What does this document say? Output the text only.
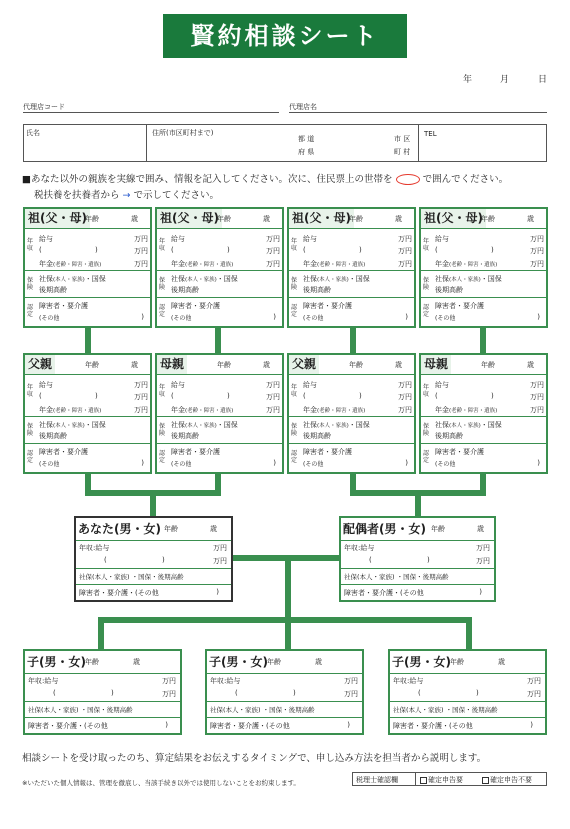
賢約相談シート
年	月	日
代理店コード	代理店名
氏名	住所(市区町村まで)
都 道
府 県
市 区
町 村
TEL
■あなた以外の親族を実線で囲み、情報を記入してください。次に、住民票上の世帯を	で囲んでください。
税扶養を扶養者から → で示してください。
祖(父・母)
年齢	歳
給与	万円
(	)	万円
年金(老齢・障害・遺族)	万円
年収
社保(本人・家族)・国保
後期高齢
保険
障害者・要介護
(その他	)
認定
祖(父・母)
年齢	歳
給与	万円
(	)	万円
年金(老齢・障害・遺族)	万円
年収
社保(本人・家族)・国保
後期高齢
保険
障害者・要介護
(その他	)
認定
祖(父・母)
年齢	歳
給与	万円
(	)	万円
年金(老齢・障害・遺族)	万円
年収
社保(本人・家族)・国保
後期高齢
保険
障害者・要介護
(その他	)
認定
祖(父・母)
年齢	歳
給与	万円
(	)	万円
年金(老齢・障害・遺族)	万円
年収
社保(本人・家族)・国保
後期高齢
保険
障害者・要介護
(その他	)
認定
父親	年齢	歳
給与	万円
(	)	万円
年金(老齢・障害・遺族)	万円
年収
社保(本人・家族)・国保
後期高齢
保険
障害者・要介護
(その他	)
認定
母親	年齢	歳
給与	万円
(	)	万円
年金(老齢・障害・遺族)	万円
年収
社保(本人・家族)・国保
後期高齢
保険
障害者・要介護
(その他	)
認定
父親	年齢	歳
給与	万円
(	)	万円
年金(老齢・障害・遺族)	万円
年収
社保(本人・家族)・国保
後期高齢
保険
障害者・要介護
(その他	)
認定
母親	年齢	歳
給与	万円
(	)	万円
年金(老齢・障害・遺族)	万円
年収
社保(本人・家族)・国保
後期高齢
保険
障害者・要介護
(その他	)
認定
あなた(男・女) 年齢	歳
年収:給与	万円
(	)	万円
社保(本人・家族) ・国保・後期高齢
障害者・要介護・(その他	)
配偶者(男・女) 年齢	歳
年収:給与	万円
(	)	万円
社保(本人・家族) ・国保・後期高齢
障害者・要介護・(その他	)
子(男・女) 年齢	歳
年収:給与	万円
(	)	万円
社保(本人・家族) ・国保・後期高齢
障害者・要介護・(その他	)
子(男・女) 年齢	歳
年収:給与	万円
(	)	万円
社保(本人・家族) ・国保・後期高齢
障害者・要介護・(その他	)
子(男・女) 年齢	歳
年収:給与	万円
(	)	万円
社保(本人・家族) ・国保・後期高齢
障害者・要介護・(その他	)
相談シートを受け取ったのち、算定結果をお伝えするタイミングで、申し込み方法を担当者から説明します。
※いただいた個人情報は、管理を徹底し、当該手続き以外では使用しないことをお約束します。	税理士確認欄	確定申告要	確定申告不要
